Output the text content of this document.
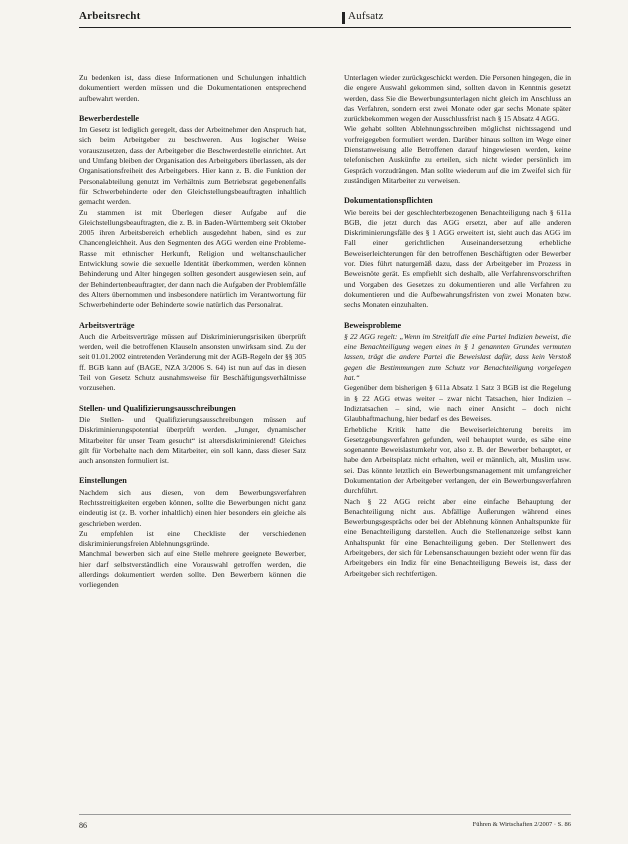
Arbeitsrecht	Aufsatz

Zu bedenken ist, dass diese Informationen und Schulungen inhaltlich dokumentiert werden müssen und die Dokumentationen entsprechend aufbewahrt werden.

Bewerberdestelle

Im Gesetz ist lediglich geregelt, dass der Arbeitnehmer den Anspruch hat, sich beim Arbeitgeber zu beschweren. Aus logischer Weise vorauszusetzen, dass der Arbeitgeber die Beschwerdestelle einrichtet. Art und Umfang bleiben der Organisation des Arbeitgebers überlassen, als der Organisationsfreiheit des Arbeitgebers. Hier kann z. B. die Funktion der Personalabteilung genutzt im Verhältnis zum Betriebsrat gegebenenfalls für Schwerbehinderte oder den Gleichstellungsbeauftragten inhaltlich gemacht werden.

Zu stammen ist mit Überlegen dieser Aufgabe auf die Gleichstellungsbeauftragten, die z. B. in Baden-Württemberg seit Oktober 2005 ihren Arbeitsbereich erheblich ausgedehnt haben, sind es zur Chancengleichheit. Aus den Segmenten des AGG werden eine Probleme-Rasse mit ethnischer Herkunft, Religion und weltanschaulicher Entwicklung sowie die sexuelle Identität überkommen, werden können Behinderung und Alter hingegen sollten gesondert ausgewiesen sein, auf der Behindertenbeauftragter, der dann nach die Aufgaben der Problemfälle des Alters übernommen und insbesondere natürlich im Verantwortung für Schwerbehinderte oder Behinderte sowie natürlich das Personalrat.

Arbeitsverträge

Auch die Arbeitsverträge müssen auf Diskriminierungsrisiken überprüft werden, weil die betroffenen Klauseln ansonsten unwirksam sind. Zu der seit 01.01.2002 eintretenden Veränderung mit der AGB-Regeln der §§ 305 ff. BGB kann auf (BAGE, NZA 3/2006 S. 64) ist nun auf das in diesen Teil von Gesetz Schutz ausnahmsweise für Beschäftigungsverhältnisse vorzusehen.

Stellen- und Qualifizierungsausschreibungen

Die Stellen- und Qualifizierungsausschreibungen müssen auf Diskriminierungspotential überprüft werden. „Junger, dynamischer Mitarbeiter für unser Team gesucht“ ist altersdiskriminierend! Gleiches gilt für Vorbehalte nach dem Mitarbeiter, ein soll kann, dass dieser Satz auch ansonsten formuliert ist.

Einstellungen

Nachdem sich aus diesen, von dem Bewerbungsverfahren Rechtsstreitigkeiten ergeben können, sollte die Bewerbungen nicht ganz eindeutig ist (z. B. vorher inhaltlich) einen hier besonders ein gleiche als geschrieben werden.

Zu empfehlen ist eine Checkliste der verschiedenen diskriminierungsfreien Ablehnungsgründe.

Manchmal bewerben sich auf eine Stelle mehrere geeignete Bewerber, hier darf selbstverständlich eine Vorauswahl getroffen werden, die allerdings dokumentiert werden sollte. Den Bewerbern können die vorliegenden

Unterlagen wieder zurückgeschickt werden. Die Personen hingegen, die in die engere Auswahl gekommen sind, sollten davon in Kenntnis gesetzt werden, dass Sie die Bewerbungsunterlagen nicht gleich im Anschluss an das Verfahren, sondern erst zwei Monate oder gar sechs Monate später zurückbekommen wegen der Ausschlussfrist nach § 15 Absatz 4 AGG.

Wie gehabt sollten Ablehnungsschreiben möglichst nichtssagend und vorfreigegeben formuliert werden. Darüber hinaus sollten im Wege einer Dienstanweisung alle Betroffenen darauf hingewiesen werden, keine telefonischen Auskünfte zu erteilen, sich nicht wieder persönlich im Gespräch vorzudrängen. Man sollte wiederum auf die im Zweifel sich für zuständigen Mitarbeiter zu verweisen.

Dokumentationspflichten

Wie bereits bei der geschlechterbezogenen Benachteiligung nach § 611a BGB, die jetzt durch das AGG ersetzt, aber auf alle anderen Diskriminierungsfälle des § 1 AGG erweitert ist, sieht auch das AGG im Fall einer gerichtlichen Auseinandersetzung erhebliche Beweiserleichterungen für den betroffenen Beschäftigten oder Bewerber vor. Dies führt naturgemäß dazu, dass der Arbeitgeber im Prozess in Beweisnöte gerät. Es empfiehlt sich deshalb, alle Verfahrensvorschriften und Vorgaben des Gesetzes zu dokumentieren und alle Verfahren zu dokumentieren und die Aufbewahrungsfristen von zwei Monaten bzw. sechs Monaten einzuhalten.

Beweisprobleme

§ 22 AGG regelt: „Wenn im Streitfall die eine Partei Indizien beweist, die eine Benachteiligung wegen eines in § 1 genannten Grundes vermuten lassen, trägt die andere Partei die Beweislast dafür, dass kein Verstoß gegen die Bestimmungen zum Schutz vor Benachteiligung vorgelegen hat.“

Gegenüber dem bisherigen § 611a Absatz 1 Satz 3 BGB ist die Regelung in § 22 AGG etwas weiter – zwar nicht Tatsachen, hier Indizien – Indiztatsachen – sind, wie nach einer Ansicht – doch nicht Glaubhaftmachung, hier bedarf es des Beweises.

Erhebliche Kritik hatte die Beweiserleichterung bereits im Gesetzgebungsverfahren gefunden, weil behauptet wurde, es sähe eine sogenannte Beweislastumkehr vor, also z. B. der Bewerber behauptet, er habe den Arbeitsplatz nicht erhalten, weil er männlich, alt, Muslim usw. sei. Das könnte letztlich ein Bewerbungsmanagement mit umfangreicher Dokumentation der Arbeitgeber verlangen, der ein Bewerbungsverfahren durchführt.

Nach § 22 AGG reicht aber eine einfache Behauptung der Benachteiligung nicht aus. Abfällige Äußerungen während eines Bewerbungsgesprächs oder bei der Ablehnung können Anhaltspunkte für eine Benachteiligung darstellen. Auch die Stellenanzeige selbst kann Anhaltspunkt für eine Benachteiligung geben. Der Stellenwert des Arbeitgebers, der sich für Lebensanschauungen bezieht oder wenn für das Arbeitgebers ein Indiz für eine Benachteiligung Beweis ist, dass der Arbeitgeber sich rechtfertigen.

86	Führen & Wirtschaften 2/2007 · S. 86
